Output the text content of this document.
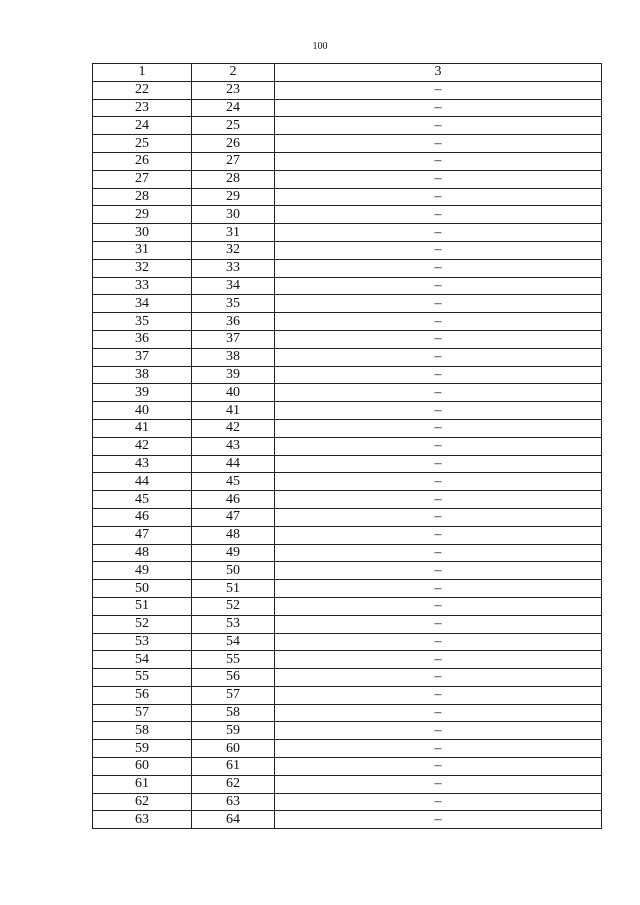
100
1	2	3
22	23	–
23	24	–
24	25	–
25	26	–
26	27	–
27	28	–
28	29	–
29	30	–
30	31	–
31	32	–
32	33	–
33	34	–
34	35	–
35	36	–
36	37	–
37	38	–
38	39	–
39	40	–
40	41	–
41	42	–
42	43	–
43	44	–
44	45	–
45	46	–
46	47	–
47	48	–
48	49	–
49	50	–
50	51	–
51	52	–
52	53	–
53	54	–
54	55	–
55	56	–
56	57	–
57	58	–
58	59	–
59	60	–
60	61	–
61	62	–
62	63	–
63	64	–
